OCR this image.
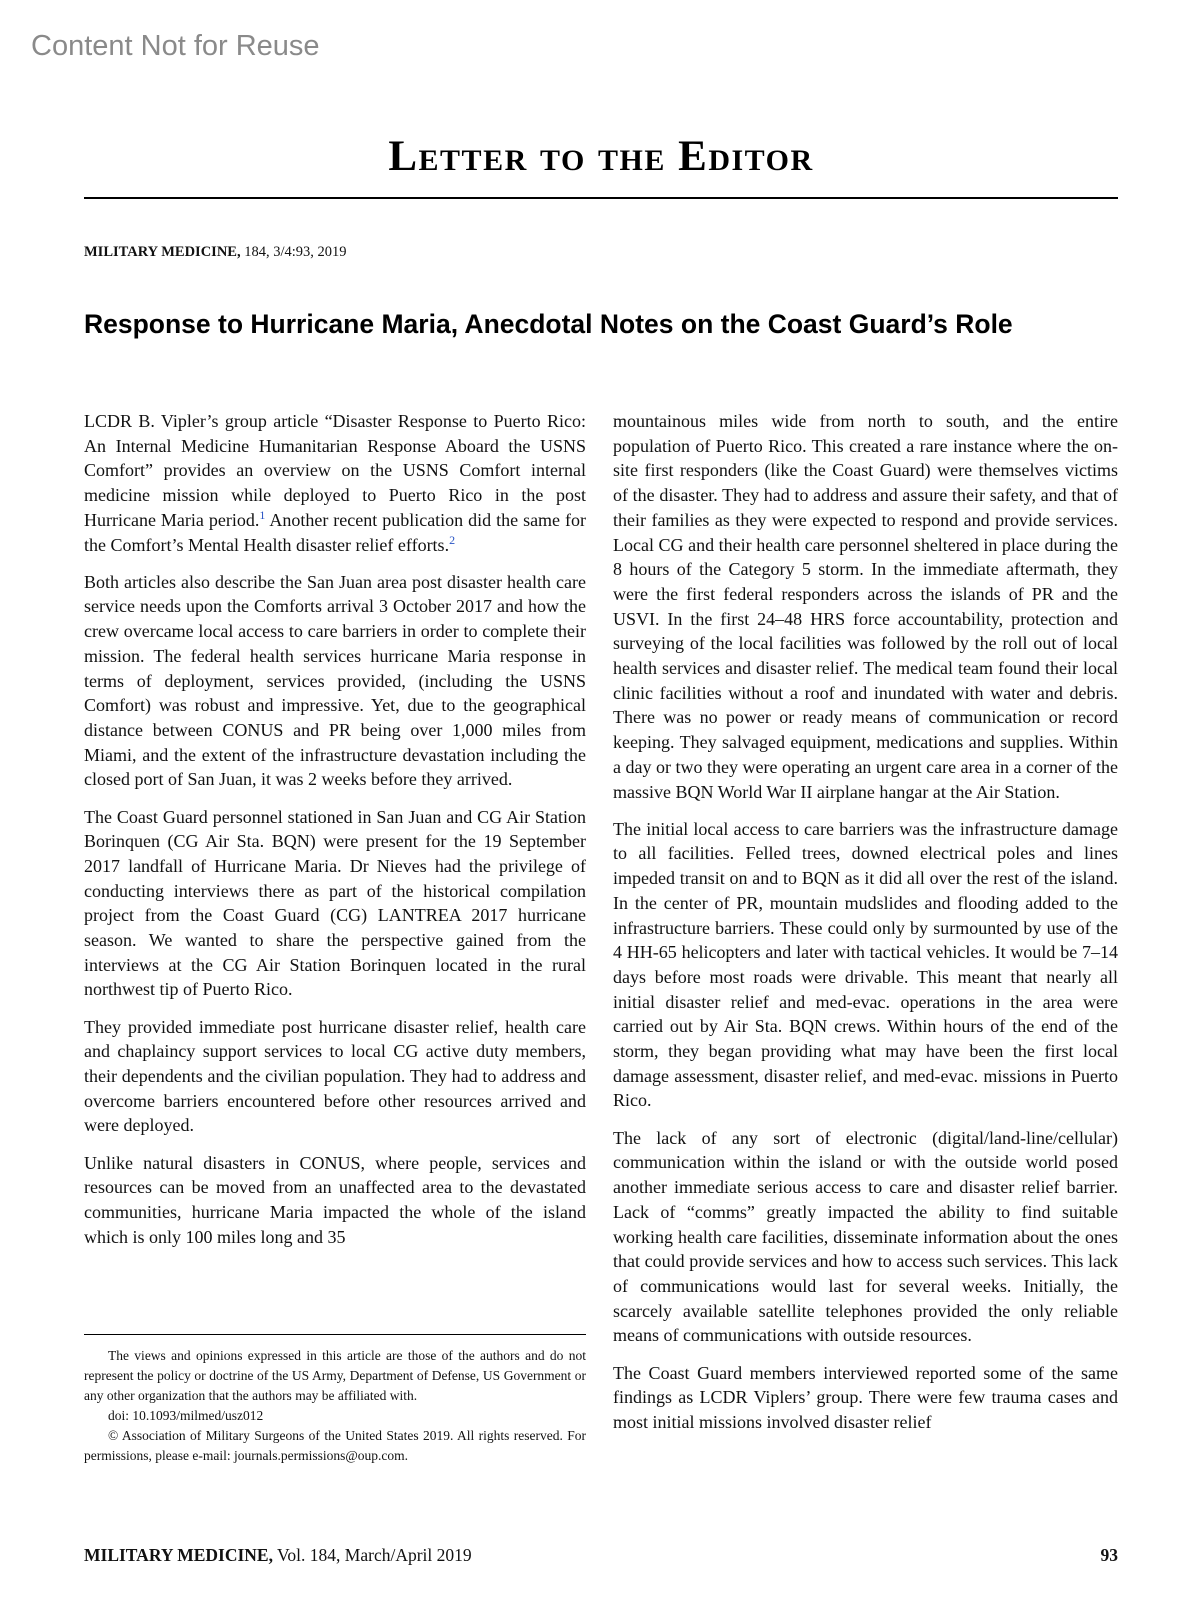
Content Not for Reuse
Letter to the Editor
MILITARY MEDICINE, 184, 3/4:93, 2019
Response to Hurricane Maria, Anecdotal Notes on the Coast Guard’s Role

LCDR B. Vipler’s group article “Disaster Response to Puerto Rico: An Internal Medicine Humanitarian Response Aboard the USNS Comfort” provides an overview on the USNS Comfort internal medicine mission while deployed to Puerto Rico in the post Hurricane Maria period.$^1$ Another recent publication did the same for the Comfort’s Mental Health disaster relief efforts.$^2$

Both articles also describe the San Juan area post disaster health care service needs upon the Comforts arrival 3 October 2017 and how the crew overcame local access to care barriers in order to complete their mission. The federal health services hurricane Maria response in terms of deployment, services provided, (including the USNS Comfort) was robust and impressive. Yet, due to the geographical distance between CONUS and PR being over 1,000 miles from Miami, and the extent of the infrastructure devastation including the closed port of San Juan, it was 2 weeks before they arrived.

The Coast Guard personnel stationed in San Juan and CG Air Station Borinquen (CG Air Sta. BQN) were present for the 19 September 2017 landfall of Hurricane Maria. Dr Nieves had the privilege of conducting interviews there as part of the historical compilation project from the Coast Guard (CG) LANTREA 2017 hurricane season. We wanted to share the perspective gained from the interviews at the CG Air Station Borinquen located in the rural northwest tip of Puerto Rico.

They provided immediate post hurricane disaster relief, health care and chaplaincy support services to local CG active duty members, their dependents and the civilian population. They had to address and overcome barriers encountered before other resources arrived and were deployed.

Unlike natural disasters in CONUS, where people, services and resources can be moved from an unaffected area to the devastated communities, hurricane Maria impacted the whole of the island which is only 100 miles long and 35

mountainous miles wide from north to south, and the entire population of Puerto Rico. This created a rare instance where the on-site first responders (like the Coast Guard) were themselves victims of the disaster. They had to address and assure their safety, and that of their families as they were expected to respond and provide services. Local CG and their health care personnel sheltered in place during the 8 hours of the Category 5 storm. In the immediate aftermath, they were the first federal responders across the islands of PR and the USVI. In the first 24–48 HRS force accountability, protection and surveying of the local facilities was followed by the roll out of local health services and disaster relief. The medical team found their local clinic facilities without a roof and inundated with water and debris. There was no power or ready means of communication or record keeping. They salvaged equipment, medications and supplies. Within a day or two they were operating an urgent care area in a corner of the massive BQN World War II airplane hangar at the Air Station.

The initial local access to care barriers was the infrastructure damage to all facilities. Felled trees, downed electrical poles and lines impeded transit on and to BQN as it did all over the rest of the island. In the center of PR, mountain mudslides and flooding added to the infrastructure barriers. These could only by surmounted by use of the 4 HH-65 helicopters and later with tactical vehicles. It would be 7–14 days before most roads were drivable. This meant that nearly all initial disaster relief and med-evac. operations in the area were carried out by Air Sta. BQN crews. Within hours of the end of the storm, they began providing what may have been the first local damage assessment, disaster relief, and med-evac. missions in Puerto Rico.

The lack of any sort of electronic (digital/land-line/cellular) communication within the island or with the outside world posed another immediate serious access to care and disaster relief barrier. Lack of “comms” greatly impacted the ability to find suitable working health care facilities, disseminate information about the ones that could provide services and how to access such services. This lack of communications would last for several weeks. Initially, the scarcely available satellite telephones provided the only reliable means of communications with outside resources.

The Coast Guard members interviewed reported some of the same findings as LCDR Viplers’ group. There were few trauma cases and most initial missions involved disaster relief

The views and opinions expressed in this article are those of the authors and do not represent the policy or doctrine of the US Army, Department of Defense, US Government or any other organization that the authors may be affiliated with.

doi: 10.1093/milmed/usz012

© Association of Military Surgeons of the United States 2019. All rights reserved. For permissions, please e-mail: journals.permissions@oup.com.

MILITARY MEDICINE, Vol. 184, March/April 2019	93
